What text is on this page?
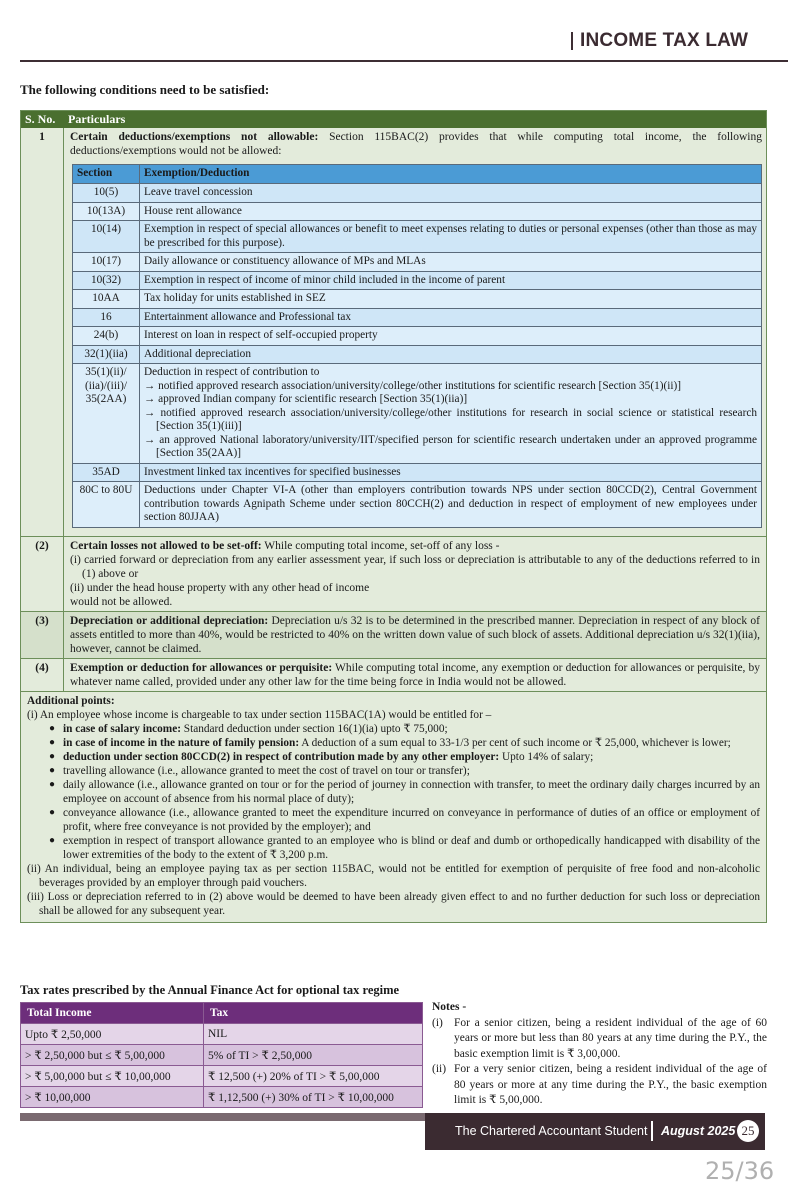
INCOME TAX LAW
The following conditions need to be satisfied:
S. No.	Particulars
1	Certain deductions/exemptions not allowable: Section 115BAC(2) provides that while computing total income, the following deductions/exemptions would not be allowed:
Section	Exemption/Deduction
10(5)	Leave travel concession
10(13A)	House rent allowance
10(14)	Exemption in respect of special allowances or benefit to meet expenses relating to duties or personal expenses (other than those as may be prescribed for this purpose).
10(17)	Daily allowance or constituency allowance of MPs and MLAs
10(32)	Exemption in respect of income of minor child included in the income of parent
10AA	Tax holiday for units established in SEZ
16	Entertainment allowance and Professional tax
24(b)	Interest on loan in respect of self-occupied property
32(1)(iia)	Additional depreciation
35(1)(ii)/ (iia)/(iii)/ 35(2AA)	Deduction in respect of contribution to
→ notified approved research association/university/college/other institutions for scientific research [Section 35(1)(ii)]
→ approved Indian company for scientific research [Section 35(1)(iia)]
→ notified approved research association/university/college/other institutions for research in social science or statistical research [Section 35(1)(iii)]
→ an approved National laboratory/university/IIT/specified person for scientific research undertaken under an approved programme [Section 35(2AA)]

35AD	Investment linked tax incentives for specified businesses
80C to 80U	Deductions under Chapter VI-A (other than employers contribution towards NPS under section 80CCD(2), Central Government contribution towards Agnipath Scheme under section 80CCH(2) and deduction in respect of employment of new employees under section 80JJAA)
(2)	Certain losses not allowed to be set-off: While computing total income, set-off of any loss -
(i) carried forward or depreciation from any earlier assessment year, if such loss or depreciation is attributable to any of the deductions referred to in (1) above or
(ii) under the head house property with any other head of income
would not be allowed.
(3)	Depreciation or additional depreciation: Depreciation u/s 32 is to be determined in the prescribed manner. Depreciation in respect of any block of assets entitled to more than 40%, would be restricted to 40% on the written down value of such block of assets. Additional depreciation u/s 32(1)(iia), however, cannot be claimed.
(4)	Exemption or deduction for allowances or perquisite: While computing total income, any exemption or deduction for allowances or perquisite, by whatever name called, provided under any other law for the time being force in India would not be allowed.
Additional points:
(i) An employee whose income is chargeable to tax under section 115BAC(1A) would be entitled for –
● in case of salary income: Standard deduction under section 16(1)(ia) upto ₹ 75,000;
● in case of income in the nature of family pension: A deduction of a sum equal to 33-1/3 per cent of such income or ₹ 25,000, whichever is lower;
● deduction under section 80CCD(2) in respect of contribution made by any other employer: Upto 14% of salary;
● travelling allowance (i.e., allowance granted to meet the cost of travel on tour or transfer);
● daily allowance (i.e., allowance granted on tour or for the period of journey in connection with transfer, to meet the ordinary daily charges incurred by an employee on account of absence from his normal place of duty);
● conveyance allowance (i.e., allowance granted to meet the expenditure incurred on conveyance in performance of duties of an office or employment of profit, where free conveyance is not provided by the employer); and
● exemption in respect of transport allowance granted to an employee who is blind or deaf and dumb or orthopedically handicapped with disability of the lower extremities of the body to the extent of ₹ 3,200 p.m.
(ii) An individual, being an employee paying tax as per section 115BAC, would not be entitled for exemption of perquisite of free food and non-alcoholic beverages provided by an employer through paid vouchers.
(iii) Loss or depreciation referred to in (2) above would be deemed to have been already given effect to and no further deduction for such loss or depreciation shall be allowed for any subsequent year.
Tax rates prescribed by the Annual Finance Act for optional tax regime
Total Income	Tax
Upto ₹ 2,50,000	NIL
> ₹ 2,50,000 but ≤ ₹ 5,00,000	5% of TI > ₹ 2,50,000
> ₹ 5,00,000 but ≤ ₹ 10,00,000	₹ 12,500 (+) 20% of TI > ₹ 5,00,000
> ₹ 10,00,000	₹ 1,12,500 (+) 30% of TI > ₹ 10,00,000
Notes -
(i) For a senior citizen, being a resident individual of the age of 60 years or more but less than 80 years at any time during the P.Y., the basic exemption limit is ₹ 3,00,000.
(ii) For a very senior citizen, being a resident individual of the age of 80 years or more at any time during the P.Y., the basic exemption limit is ₹ 5,00,000.
The Chartered Accountant Student August 2025 25
25/36
